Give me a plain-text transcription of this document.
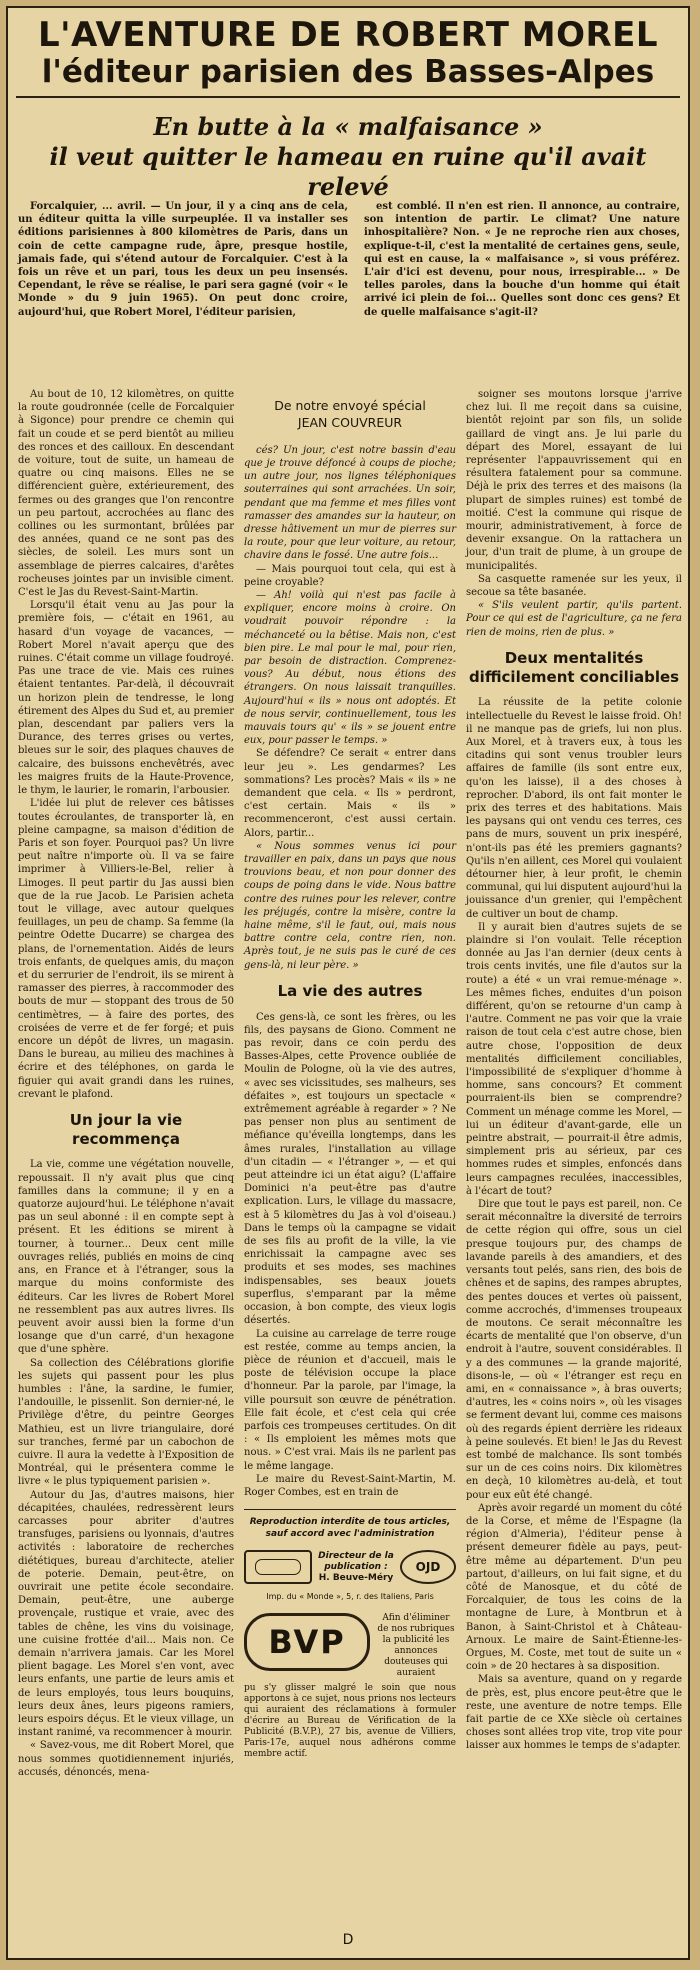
L'AVENTURE DE ROBERT MOREL
l'éditeur parisien des Basses-Alpes
En butte à la « malfaisance »
il veut quitter le hameau en ruine qu'il avait relevé

Forcalquier, ... avril. — Un jour, il y a cinq ans de cela, un éditeur quitta la ville surpeuplée. Il va installer ses éditions parisiennes à 800 kilomètres de Paris, dans un coin de cette campagne rude, âpre, presque hostile, jamais fade, qui s'étend autour de Forcalquier. C'est à la fois un rêve et un pari, tous les deux un peu insensés. Cependant, le rêve se réalise, le pari sera gagné (voir « le Monde » du 9 juin 1965). On peut donc croire, aujourd'hui, que Robert Morel, l'éditeur parisien,

est comblé. Il n'en est rien. Il annonce, au contraire, son intention de partir. Le climat? Une nature inhospitalière? Non. « Je ne reproche rien aux choses, explique-t-il, c'est la mentalité de certaines gens, seule, qui est en cause, la « malfaisance », si vous préférez. L'air d'ici est devenu, pour nous, irrespirable... » De telles paroles, dans la bouche d'un homme qui était arrivé ici plein de foi... Quelles sont donc ces gens? Et de quelle malfaisance s'agit-il?

Au bout de 10, 12 kilomètres, on quitte la route goudronnée (celle de Forcalquier à Sigonce) pour prendre ce chemin qui fait un coude et se perd bientôt au milieu des ronces et des cailloux. En descendant de voiture, tout de suite, un hameau de quatre ou cinq maisons. Elles ne se différencient guère, extérieurement, des fermes ou des granges que l'on rencontre un peu partout, accrochées au flanc des collines ou les surmontant, brûlées par des années, quand ce ne sont pas des siècles, de soleil. Les murs sont un assemblage de pierres calcaires, d'arêtes rocheuses jointes par un invisible ciment. C'est le Jas du Revest-Saint-Martin.

Lorsqu'il était venu au Jas pour la première fois, — c'était en 1961, au hasard d'un voyage de vacances, — Robert Morel n'avait aperçu que des ruines. C'était comme un village foudroyé. Pas une trace de vie. Mais ces ruines étaient tentantes. Par-delà, il découvrait un horizon plein de tendresse, le long étirement des Alpes du Sud et, au premier plan, descendant par paliers vers la Durance, des terres grises ou vertes, bleues sur le soir, des plaques chauves de calcaire, des buissons enchevêtrés, avec les maigres fruits de la Haute-Provence, le thym, le laurier, le romarin, l'arbousier.

L'idée lui plut de relever ces bâtisses toutes écroulantes, de transporter là, en pleine campagne, sa maison d'édition de Paris et son foyer. Pourquoi pas? Un livre peut naître n'importe où. Il va se faire imprimer à Villiers-le-Bel, relier à Limoges. Il peut partir du Jas aussi bien que de la rue Jacob. Le Parisien acheta tout le village, avec autour quelques feuillages, un peu de champ. Sa femme (la peintre Odette Ducarre) se chargea des plans, de l'ornementation. Aidés de leurs trois enfants, de quelques amis, du maçon et du serrurier de l'endroit, ils se mirent à ramasser des pierres, à raccommoder des bouts de mur — stoppant des trous de 50 centimètres, — à faire des portes, des croisées de verre et de fer forgé; et puis encore un dépôt de livres, un magasin. Dans le bureau, au milieu des machines à écrire et des téléphones, on garda le figuier qui avait grandi dans les ruines, crevant le plafond.

Un jour la vie recommença

La vie, comme une végétation nouvelle, repoussait. Il n'y avait plus que cinq familles dans la commune; il y en a quatorze aujourd'hui. Le téléphone n'avait pas un seul abonné : il en compte sept à présent. Et les éditions se mirent à tourner, à tourner... Deux cent mille ouvrages reliés, publiés en moins de cinq ans, en France et à l'étranger, sous la marque du moins conformiste des éditeurs. Car les livres de Robert Morel ne ressemblent pas aux autres livres. Ils peuvent avoir aussi bien la forme d'un losange que d'un carré, d'un hexagone que d'une sphère.

Sa collection des Célébrations glorifie les sujets qui passent pour les plus humbles : l'âne, la sardine, le fumier, l'andouille, le pissenlit. Son dernier-né, le Privilège d'être, du peintre Georges Mathieu, est un livre triangulaire, doré sur tranches, fermé par un cabochon de cuivre. Il aura la vedette à l'Exposition de Montréal, qui le présentera comme le livre « le plus typiquement parisien ».

Autour du Jas, d'autres maisons, hier décapitées, chaulées, redressèrent leurs carcasses pour abriter d'autres transfuges, parisiens ou lyonnais, d'autres activités : laboratoire de recherches diététiques, bureau d'architecte, atelier de poterie. Demain, peut-être, on ouvrirait une petite école secondaire. Demain, peut-être, une auberge provençale, rustique et vraie, avec des tables de chêne, les vins du voisinage, une cuisine frottée d'ail... Mais non. Ce demain n'arrivera jamais. Car les Morel plient bagage. Les Morel s'en vont, avec leurs enfants, une partie de leurs amis et de leurs employés, tous leurs bouquins, leurs deux ânes, leurs pigeons ramiers, leurs espoirs déçus. Et le vieux village, un instant ranimé, va recommencer à mourir.

« Savez-vous, me dit Robert Morel, que nous sommes quotidiennement injuriés, accusés, dénoncés, mena-

De notre envoyé spécial
JEAN COUVREUR

cés? Un jour, c'est notre bassin d'eau que je trouve défoncé à coups de pioche; un autre jour, nos lignes téléphoniques souterraines qui sont arrachées. Un soir, pendant que ma femme et mes filles vont ramasser des amandes sur la hauteur, on dresse hâtivement un mur de pierres sur la route, pour que leur voiture, au retour, chavire dans le fossé. Une autre fois...

— Mais pourquoi tout cela, qui est à peine croyable?

— Ah! voilà qui n'est pas facile à expliquer, encore moins à croire. On voudrait pouvoir répondre : la méchanceté ou la bêtise. Mais non, c'est bien pire. Le mal pour le mal, pour rien, par besoin de distraction. Comprenez-vous? Au début, nous étions des étrangers. On nous laissait tranquilles. Aujourd'hui « ils » nous ont adoptés. Et de nous servir, continuellement, tous les mauvais tours qu' « ils » se jouent entre eux, pour passer le temps. »

Se défendre? Ce serait « entrer dans leur jeu ». Les gendarmes? Les sommations? Les procès? Mais « ils » ne demandent que cela. « Ils » perdront, c'est certain. Mais « ils » recommenceront, c'est aussi certain. Alors, partir...

« Nous sommes venus ici pour travailler en paix, dans un pays que nous trouvions beau, et non pour donner des coups de poing dans le vide. Nous battre contre des ruines pour les relever, contre les préjugés, contre la misère, contre la haine même, s'il le faut, oui, mais nous battre contre cela, contre rien, non. Après tout, je ne suis pas le curé de ces gens-là, ni leur père. »

La vie des autres

Ces gens-là, ce sont les frères, ou les fils, des paysans de Giono. Comment ne pas revoir, dans ce coin perdu des Basses-Alpes, cette Provence oubliée de Moulin de Pologne, où la vie des autres, « avec ses vicissitudes, ses malheurs, ses défaites », est toujours un spectacle « extrêmement agréable à regarder » ? Ne pas penser non plus au sentiment de méfiance qu'éveilla longtemps, dans les âmes rurales, l'installation au village d'un citadin — « l'étranger », — et qui peut atteindre ici un état aigu? (L'affaire Dominici n'a peut-être pas d'autre explication. Lurs, le village du massacre, est à 5 kilomètres du Jas à vol d'oiseau.) Dans le temps où la campagne se vidait de ses fils au profit de la ville, la vie enrichissait la campagne avec ses produits et ses modes, ses machines indispensables, ses beaux jouets superflus, s'emparant par la même occasion, à bon compte, des vieux logis désertés.

La cuisine au carrelage de terre rouge est restée, comme au temps ancien, la pièce de réunion et d'accueil, mais le poste de télévision occupe la place d'honneur. Par la parole, par l'image, la ville poursuit son œuvre de pénétration. Elle fait école, et c'est cela qui crée parfois ces trompeuses certitudes. On dit : « Ils emploient les mêmes mots que nous. » C'est vrai. Mais ils ne parlent pas le même langage.

Le maire du Revest-Saint-Martin, M. Roger Combes, est en train de

Reproduction interdite de tous articles, sauf accord avec l'administration
Directeur de la publication :
H. Beuve-Méry
OJD
Imp. du « Monde », 5, r. des Italiens, Paris
BVP
Afin d'éliminer de nos rubriques la publicité les annonces douteuses qui auraient
pu s'y glisser malgré le soin que nous apportons à ce sujet, nous prions nos lecteurs qui auraient des réclamations à formuler d'écrire au Bureau de Vérification de la Publicité (B.V.P.), 27 bis, avenue de Villiers, Paris-17e, auquel nous adhérons comme membre actif.

soigner ses moutons lorsque j'arrive chez lui. Il me reçoit dans sa cuisine, bientôt rejoint par son fils, un solide gaillard de vingt ans. Je lui parle du départ des Morel, essayant de lui représenter l'appauvrissement qui en résultera fatalement pour sa commune. Déjà le prix des terres et des maisons (la plupart de simples ruines) est tombé de moitié. C'est la commune qui risque de mourir, administrativement, à force de devenir exsangue. On la rattachera un jour, d'un trait de plume, à un groupe de municipalités.

Sa casquette ramenée sur les yeux, il secoue sa tête basanée.

« S'ils veulent partir, qu'ils partent. Pour ce qui est de l'agriculture, ça ne fera rien de moins, rien de plus. »

Deux mentalités difficilement conciliables

La réussite de la petite colonie intellectuelle du Revest le laisse froid. Oh! il ne manque pas de griefs, lui non plus. Aux Morel, et à travers eux, à tous les citadins qui sont venus troubler leurs affaires de famille (ils sont entre eux, qu'on les laisse), il a des choses à reprocher. D'abord, ils ont fait monter le prix des terres et des habitations. Mais les paysans qui ont vendu ces terres, ces pans de murs, souvent un prix inespéré, n'ont-ils pas été les premiers gagnants? Qu'ils n'en aillent, ces Morel qui voulaient détourner hier, à leur profit, le chemin communal, qui lui disputent aujourd'hui la jouissance d'un grenier, qui l'empêchent de cultiver un bout de champ.

Il y aurait bien d'autres sujets de se plaindre si l'on voulait. Telle réception donnée au Jas l'an dernier (deux cents à trois cents invités, une file d'autos sur la route) a été « un vrai remue-ménage ». Les mêmes fiches, enduites d'un poison différent, qu'on se retourne d'un camp à l'autre. Comment ne pas voir que la vraie raison de tout cela c'est autre chose, bien autre chose, l'opposition de deux mentalités difficilement conciliables, l'impossibilité de s'expliquer d'homme à homme, sans concours? Et comment pourraient-ils bien se comprendre? Comment un ménage comme les Morel, — lui un éditeur d'avant-garde, elle un peintre abstrait, — pourrait-il être admis, simplement pris au sérieux, par ces hommes rudes et simples, enfoncés dans leurs campagnes reculées, inaccessibles, à l'écart de tout?

Dire que tout le pays est pareil, non. Ce serait méconnaître la diversité de terroirs de cette région qui offre, sous un ciel presque toujours pur, des champs de lavande pareils à des amandiers, et des versants tout pelés, sans rien, des bois de chênes et de sapins, des rampes abruptes, des pentes douces et vertes où paissent, comme accrochés, d'immenses troupeaux de moutons. Ce serait méconnaître les écarts de mentalité que l'on observe, d'un endroit à l'autre, souvent considérables. Il y a des communes — la grande majorité, disons-le, — où « l'étranger est reçu en ami, en « connaissance », à bras ouverts; d'autres, les « coins noirs », où les visages se ferment devant lui, comme ces maisons où des regards épient derrière les rideaux à peine soulevés. Et bien! le Jas du Revest est tombé de malchance. Ils sont tombés sur un de ces coins noirs. Dix kilomètres en deçà, 10 kilomètres au-delà, et tout pour eux eût été changé.

Après avoir regardé un moment du côté de la Corse, et même de l'Espagne (la région d'Almeria), l'éditeur pense à présent demeurer fidèle au pays, peut-être même au département. D'un peu partout, d'ailleurs, on lui fait signe, et du côté de Manosque, et du côté de Forcalquier, de tous les coins de la montagne de Lure, à Montbrun et à Banon, à Saint-Christol et à Château-Arnoux. Le maire de Saint-Étienne-les-Orgues, M. Coste, met tout de suite un « coin » de 20 hectares à sa disposition.

Mais sa aventure, quand on y regarde de près, est, plus encore peut-être que le reste, une aventure de notre temps. Elle fait partie de ce XXe siècle où certaines choses sont allées trop vite, trop vite pour laisser aux hommes le temps de s'adapter.

D
